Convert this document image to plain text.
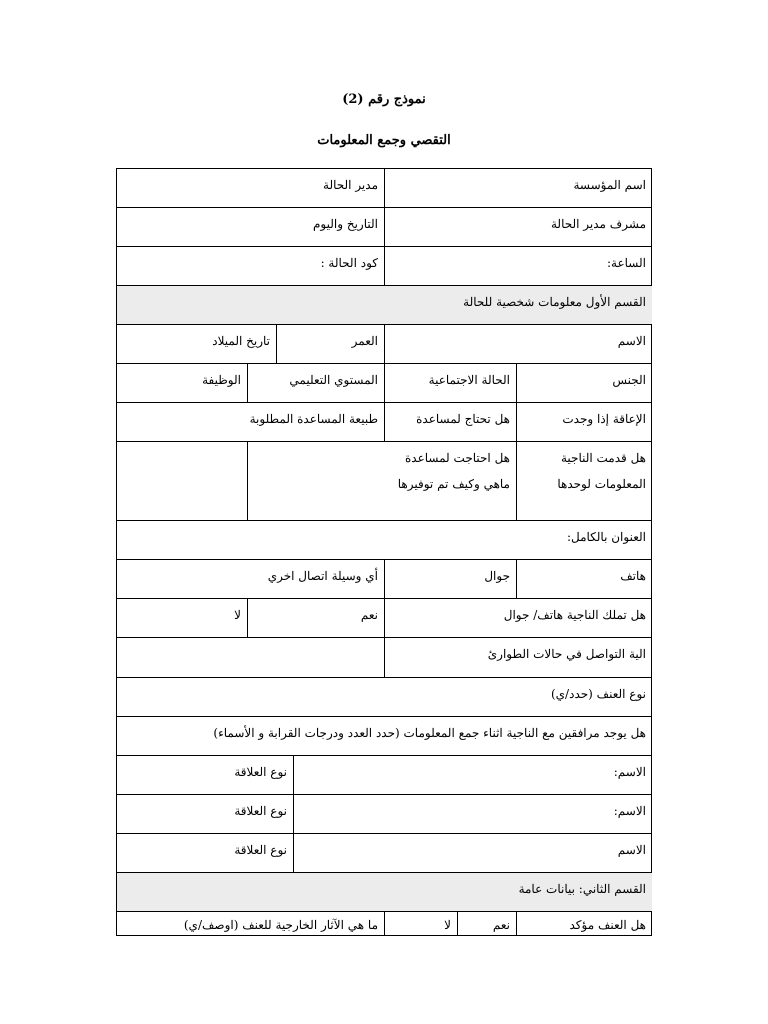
نموذج رقم (2)
التقصي وجمع المعلومات
اسم المؤسسة
مدير الحالة
مشرف مدير الحالة
التاريخ واليوم
الساعة:
كود الحالة :
القسم الأول معلومات شخصية للحالة
الاسم
العمر
تاريخ الميلاد
الجنس
الحالة الاجتماعية
المستوي التعليمي
الوظيفة
الإعاقة إذا وجدت
هل تحتاج لمساعدة
طبيعة المساعدة المطلوبة
هل قدمت الناجية
المعلومات لوحدها
هل احتاجت لمساعدة
ماهي وكيف تم توفيرها
العنوان بالكامل:
هاتف
جوال
أي وسيلة اتصال اخري
هل تملك الناجية هاتف/ جوال
نعم
لا
الية التواصل في حالات الطوارئ
نوع العنف (حدد/ي)
هل يوجد مرافقين مع الناجية اثناء جمع المعلومات (حدد العدد ودرجات القرابة و الأسماء)
الاسم:
نوع العلاقة
الاسم:
نوع العلاقة
الاسم
نوع العلاقة
القسم الثاني: بيانات عامة
هل العنف مؤكد
نعم
لا
ما هي الآثار الخارجية للعنف (اوصف/ي)
